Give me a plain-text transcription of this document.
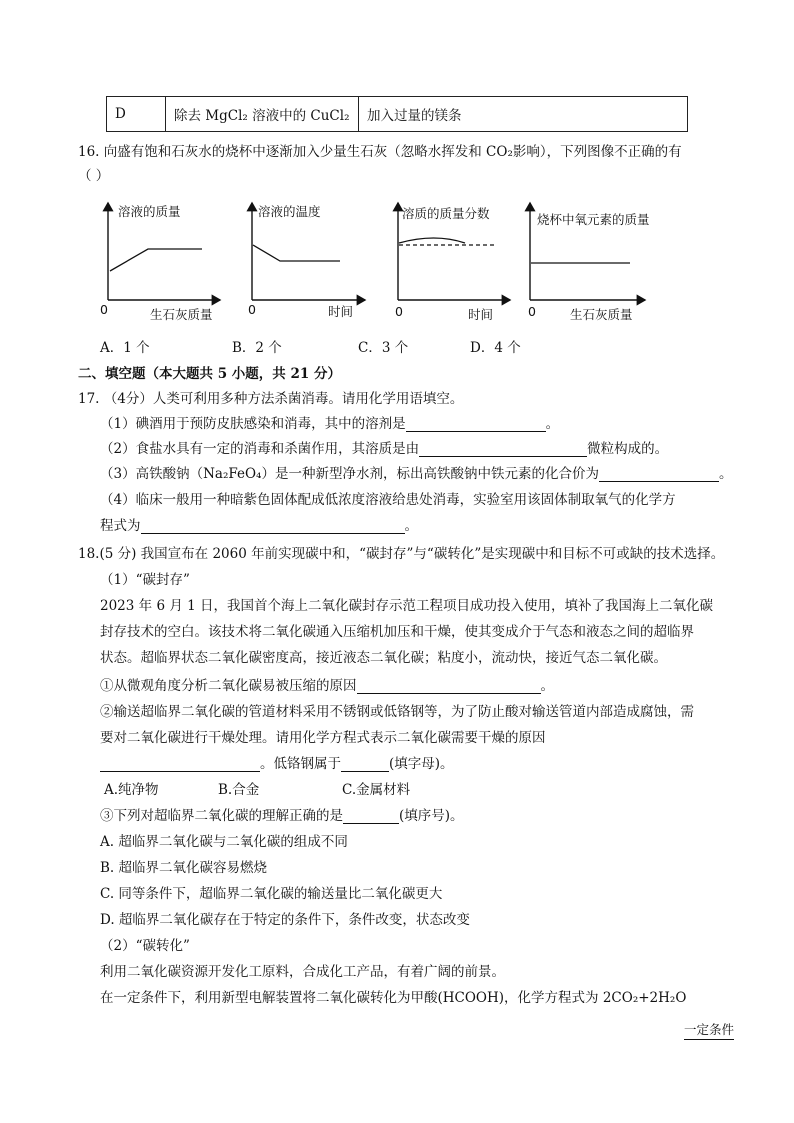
D	除去 MgCl₂ 溶液中的 CuCl₂	加入过量的镁条
16. 向盛有饱和石灰水的烧杯中逐渐加入少量生石灰（忽略水挥发和 CO₂影响），下列图像不正确的有
（ ）
溶液的质量
0	生石灰质量
溶液的温度
0	时间
溶质的质量分数
0	时间
烧杯中氧元素的质量
0	生石灰质量
A．1 个	B．2 个	C．3 个	D．4 个
二、填空题（本大题共 5 小题，共 21 分）
17. （4分）人类可利用多种方法杀菌消毒。请用化学用语填空。
（1）碘酒用于预防皮肤感染和消毒，其中的溶剂是	。
（2）食盐水具有一定的消毒和杀菌作用，其溶质是由	微粒构成的。
（3）高铁酸钠（Na₂FeO₄）是一种新型净水剂，标出高铁酸钠中铁元素的化合价为	。
（4）临床一般用一种暗紫色固体配成低浓度溶液给患处消毒，实验室用该固体制取氧气的化学方
程式为	。
18.(5 分) 我国宣布在 2060 年前实现碳中和，“碳封存”与“碳转化”是实现碳中和目标不可或缺的技术选择。
（1）“碳封存”
2023 年 6 月 1 日，我国首个海上二氧化碳封存示范工程项目成功投入使用，填补了我国海上二氧化碳
封存技术的空白。该技术将二氧化碳通入压缩机加压和干燥，使其变成介于气态和液态之间的超临界
状态。超临界状态二氧化碳密度高，接近液态二氧化碳；粘度小，流动快，接近气态二氧化碳。
①从微观角度分析二氧化碳易被压缩的原因	。
②输送超临界二氧化碳的管道材料采用不锈钢或低铬钢等，为了防止酸对输送管道内部造成腐蚀，需
要对二氧化碳进行干燥处理。请用化学方程式表示二氧化碳需要干燥的原因
。低铬钢属于	(填字母)。
A.纯净物	B.合金	C.金属材料
③下列对超临界二氧化碳的理解正确的是	(填序号)。
A. 超临界二氧化碳与二氧化碳的组成不同
B. 超临界二氧化碳容易燃烧
C. 同等条件下，超临界二氧化碳的输送量比二氧化碳更大
D. 超临界二氧化碳存在于特定的条件下，条件改变，状态改变
（2）“碳转化”
利用二氧化碳资源开发化工原料，合成化工产品，有着广阔的前景。
在一定条件下，利用新型电解装置将二氧化碳转化为甲酸(HCOOH)，化学方程式为 2CO₂+2H₂O
一定条件
